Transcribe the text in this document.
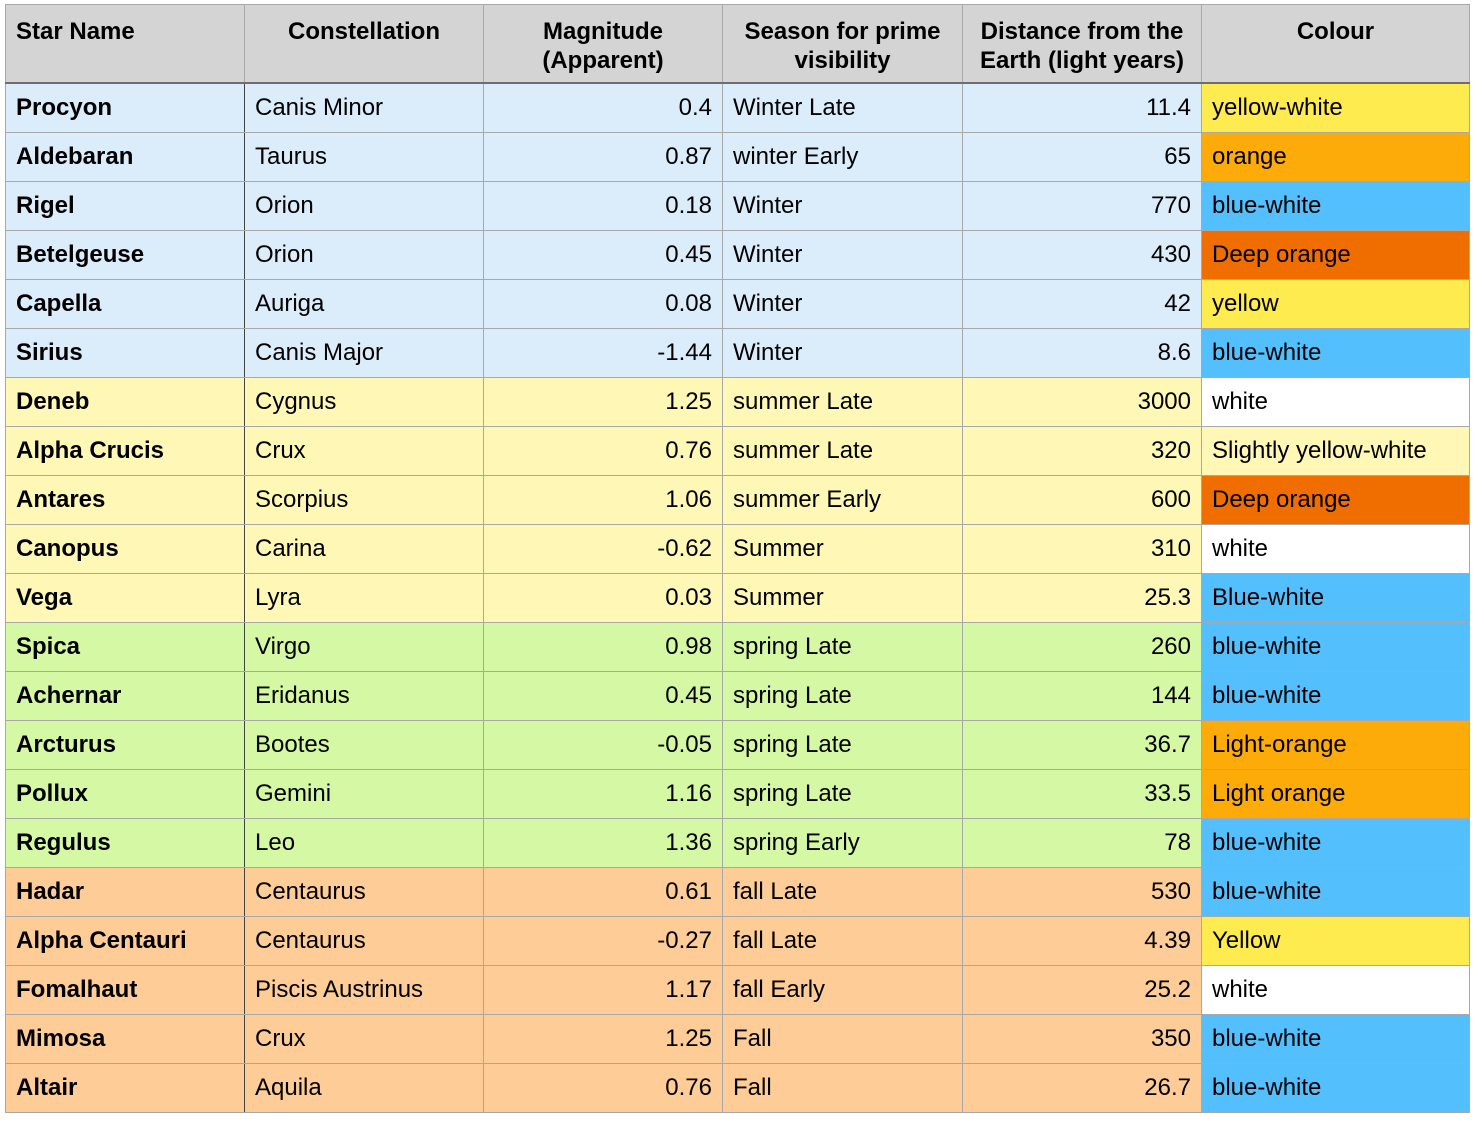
Star Name	Constellation	Magnitude (Apparent)	Season for prime visibility	Distance from the Earth (light years)	Colour
Procyon	Canis Minor	0.4	Winter Late	11.4	yellow-white
Aldebaran	Taurus	0.87	winter Early	65	orange
Rigel	Orion	0.18	Winter	770	blue-white
Betelgeuse	Orion	0.45	Winter	430	Deep orange
Capella	Auriga	0.08	Winter	42	yellow
Sirius	Canis Major	-1.44	Winter	8.6	blue-white
Deneb	Cygnus	1.25	summer Late	3000	white
Alpha Crucis	Crux	0.76	summer Late	320	Slightly yellow-white
Antares	Scorpius	1.06	summer Early	600	Deep orange
Canopus	Carina	-0.62	Summer	310	white
Vega	Lyra	0.03	Summer	25.3	Blue-white
Spica	Virgo	0.98	spring Late	260	blue-white
Achernar	Eridanus	0.45	spring Late	144	blue-white
Arcturus	Bootes	-0.05	spring Late	36.7	Light-orange
Pollux	Gemini	1.16	spring Late	33.5	Light orange
Regulus	Leo	1.36	spring Early	78	blue-white
Hadar	Centaurus	0.61	fall Late	530	blue-white
Alpha Centauri	Centaurus	-0.27	fall Late	4.39	Yellow
Fomalhaut	Piscis Austrinus	1.17	fall Early	25.2	white
Mimosa	Crux	1.25	Fall	350	blue-white
Altair	Aquila	0.76	Fall	26.7	blue-white
